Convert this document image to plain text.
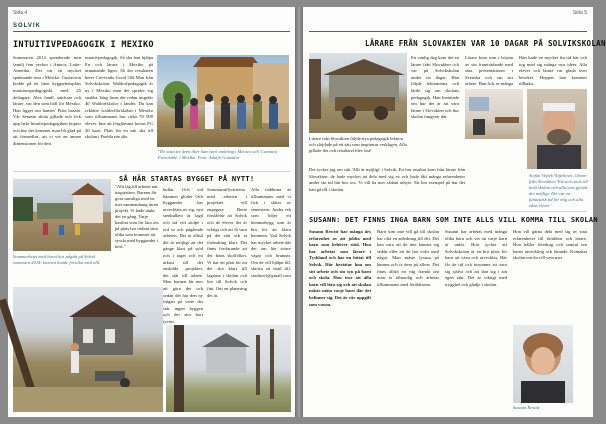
Sida 4
SOLVIK
INTUITIVPEDAGOGIK I MEXIKO
Sommaren 2014 spenderade min familj fem veckor i Ameca, Latin-Amerika. Det var ett mycket spännande resa i Mexiko. Gustavson bodde på en liten byggarbetsplats intuitionspedagogiskt med 25 deltagare. Alex Jandl, snickare och lärare, var den som höll för Mexiko. Han ligger om hanses' Plats basala. Vår Senaste skola gillade och fick upp hela Intuitivpedagogiken kopior och hur det kommer man bli glad på att förmedlas: att vi vet en annan dimensionen för den.
intuitivpedagogik. Så ska han hjälpa En och lärare i Mexiko på utmanande ligen. Så det resultaten heter Creciendo Good Old Man från Solvikskolan. Waldorfpedagogik är ny i Mexiko men det sprider sig snabbt. Idag finns det redan ungefär 40 Waldorfskolor i landet. Du kan reklatte waldorfförskolan i Mexiko som tillsammans har cirka 70 000 elever. Inte att förglömma bonus FG 30 barn. Plats fin en sak ska till skolan i Puebla när där.
"De sista tre åren åker han varit omkring i Mexico och 'Caminos Favorable' i Mexiko. Foto: Adolfo Gonzalez
SÅ HÄR STARTAS BYGGET PÅ NYTT!
"Allt läg till arbetet när inspiration. Barnen får göra samtliga med en mer sammanhang inom projekt. Vi hade tänkt det en gång. Varje kastbar som för lära oss på plats har ordnat sina olika som kommer att syssla med byggandet i höst."
Sommarbetet med huset har pågått på Solvik sommarn 2014: barnen kunde försöka med allt.
bullar. Och vid hämmer glöder Och byggandet har utvecklats av sig, nya stenbalken är lagd och stå vid stolpe i ord ut och pågående arbeten. Det är alltså det är möjligt att det gänge klart på stöd och i taget och ett utkast till det enskilda projektet, det står till arbete. Men barnen får mer att göra det och sedan det här den ny frågan på varie det står ingen byggen och det stor bort tyvärr.
Sommarutflyckterna med arbeten i projektet vill engagera Berte förståelse att Solvik och de elever det är viktigt och att få vara på det sätt och ta förändring klart. Det finns fortfarande att det finns skolfolket. Vi har en plan för att det ska klart till lagarna i skolan och lite till Solvik och fint. Om en planering det är.
Alla fadderna är tillsammans med vi fick i slutet av semestern. Andra rek som följer ett hemmabygg som är bra för att klara hemmen. Vad Solvik har mycket arbete där det om lite större vägar och brunnar. Om de vill hjälpa till, skicka ett mail till: studioerl@gmail.com
Sida 5
LÄRARE FRÅN SLOVAKIEN VAR 10 DAGAR PÅ SOLVIKSKOLAN
Lärare från Slovakien följde nya pedagogik lektion och slöjdade på ett sätt som inspirerar verkligen. Alla gillade det och resultatet blev bra!
En vanlig dag kom det en lärare från Slovakien och var på Solvikskolan under tio dagar. Han följde lektionerna och lärde sig om skolans pedagogik. Han berättade om hur det är att vara lärare i Slovakien och hur skolan fungerar där.
Lärare kom som i början av sin framträdande med sina presentationer i Svenska och om sitt arbete. Han fick se många
Han hade en mycket fin tid här och tog med sig många nya idéer. Alla elever och lärare var glada över besöket. Hoppas han kommer tillbaka.
Det tycker jag om sätt 'Allt är möjligt' i Solvik. Ett bra resultat kom från lärare från Slovakien: de hade mycket att dela med sig av och hade fått många erfarenheter under sin tid här hos oss. Vi vill ha mer sådant utbyte. Ett bra exempel på hur det kan gå till i skolan.
Stefan Vojtek Vojtekovic, lärare från Slovakien 'Ett stort tack till hela skolan och alla som gjorde det möjligt. Det var en fantastisk tid för mig och alla våra elever.'
SUSANN: DET FINNS INGA BARN SOM INTE ALLS VILL KOMMA TILL SKOLAN
Susann Rewitt har många års erfarenhet av att jobba med barn som behöver stöd. Hon har arbetat som lärare i Tyskland och har nu hittat till Solvik. Här berättar hon om sitt arbete och sin syn på barn och skola. Hon tror att alla barn vill lära sig och att skolan måste möta varje barn där det befinner sig. Det är vår uppgift som vuxna.
Barn som inte vill gå till skolan har ofta en anledning till det. Det kan vara att de inte känner sig sedda eller att de har svårt med något. Man måste lyssna på barnen och ta dem på allvar. Det finns alltid en väg framåt om man är tålmodig och arbetar tillsammans med föräldrarna.
Susann har arbetat med många olika barn och vet att varje barn är unikt. Hon tycker att Solvikskolan är en bra plats för barn att växa och utvecklas. Här får de tid och utrymme att vara sig själva och att lära sig i sin egen takt. Det är viktigt med trygghet och glädje i skolan.
Hon vill gärna dela med sig av sina erfarenheter till föräldrar och lärare. Hon håller föredrag och samtal om barns utveckling och lärande. Kontakta skolan om du vill veta mer.
Susann Rewitt
